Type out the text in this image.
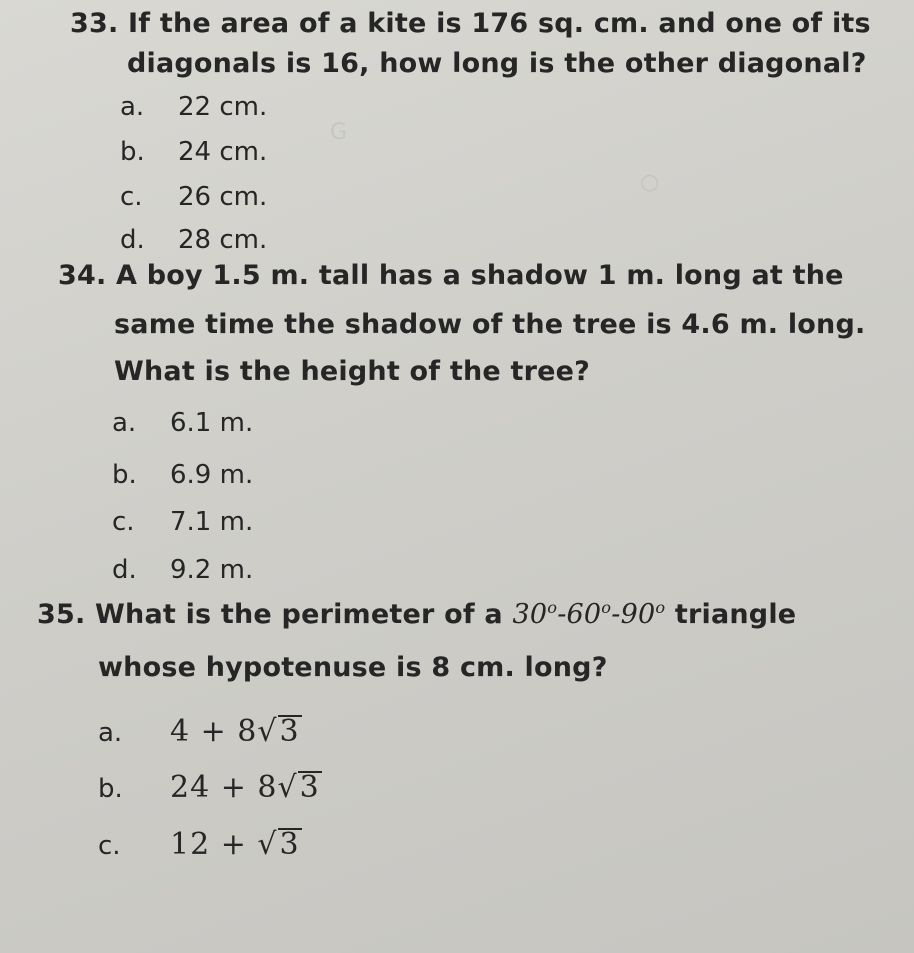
G
○
33. If the area of a kite is 176 sq. cm. and one of its
diagonals is 16, how long is the other diagonal?
a. 22 cm.
b. 24 cm.
c. 26 cm.
d. 28 cm.
34. A boy 1.5 m. tall has a shadow 1 m. long at the
same time the shadow of the tree is 4.6 m. long.
What is the height of the tree?
a. 6.1 m.
b. 6.9 m.
c. 7.1 m.
d. 9.2 m.
35. What is the perimeter of a 30$^o$-60$^o$-90$^o$ triangle
whose hypotenuse is 8 cm. long?
a. 4 + 8√3
b. 24 + 8√3
c. 12 + √3
